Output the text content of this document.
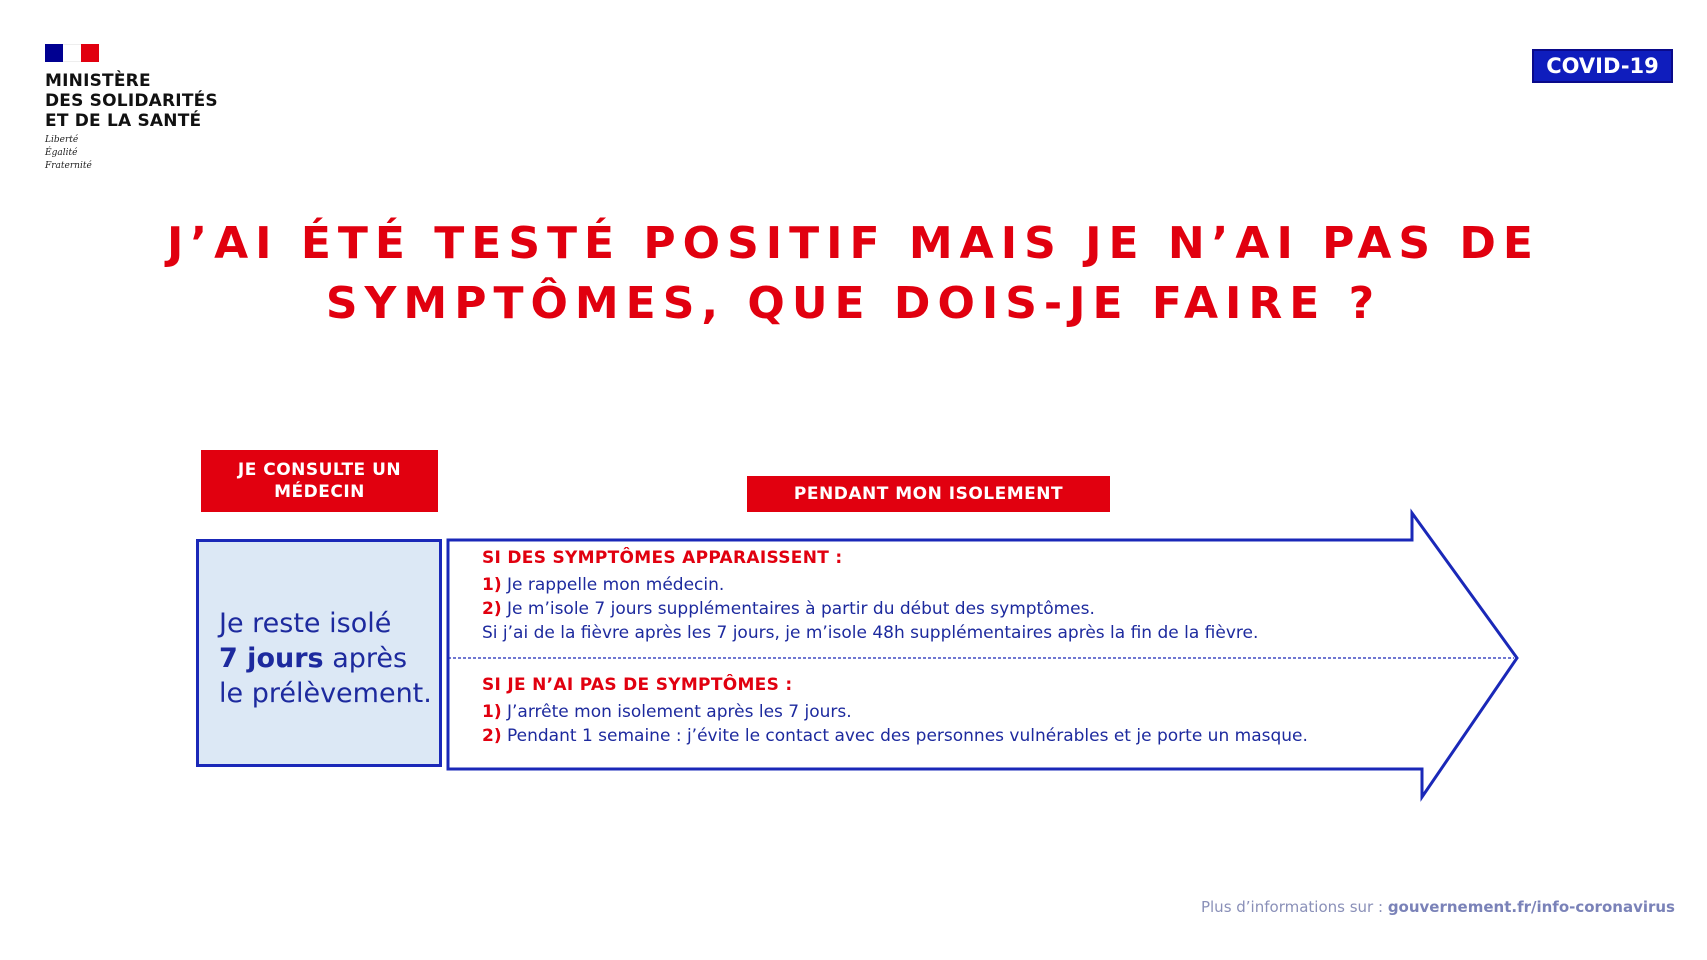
MINISTÈRE
DES SOLIDARITÉS
ET DE LA SANTÉ
Liberté
Égalité
Fraternité
COVID-19
J’AI ÉTÉ TESTÉ POSITIF MAIS JE N’AI PAS DE
SYMPTÔMES, QUE DOIS-JE FAIRE ?
JE CONSULTE UN MÉDECIN	PENDANT MON ISOLEMENT
Je reste isolé
7 jours après le prélèvement.
SI DES SYMPTÔMES APPARAISSENT :
1) Je rappelle mon médecin.
2) Je m’isole 7 jours supplémentaires à partir du début des symptômes.
Si j’ai de la fièvre après les 7 jours, je m’isole 48h supplémentaires après la fin de la fièvre.
SI JE N’AI PAS DE SYMPTÔMES :
1) J’arrête mon isolement après les 7 jours.
2) Pendant 1 semaine : j’évite le contact avec des personnes vulnérables et je porte un masque.
Plus d’informations sur : gouvernement.fr/info-coronavirus
